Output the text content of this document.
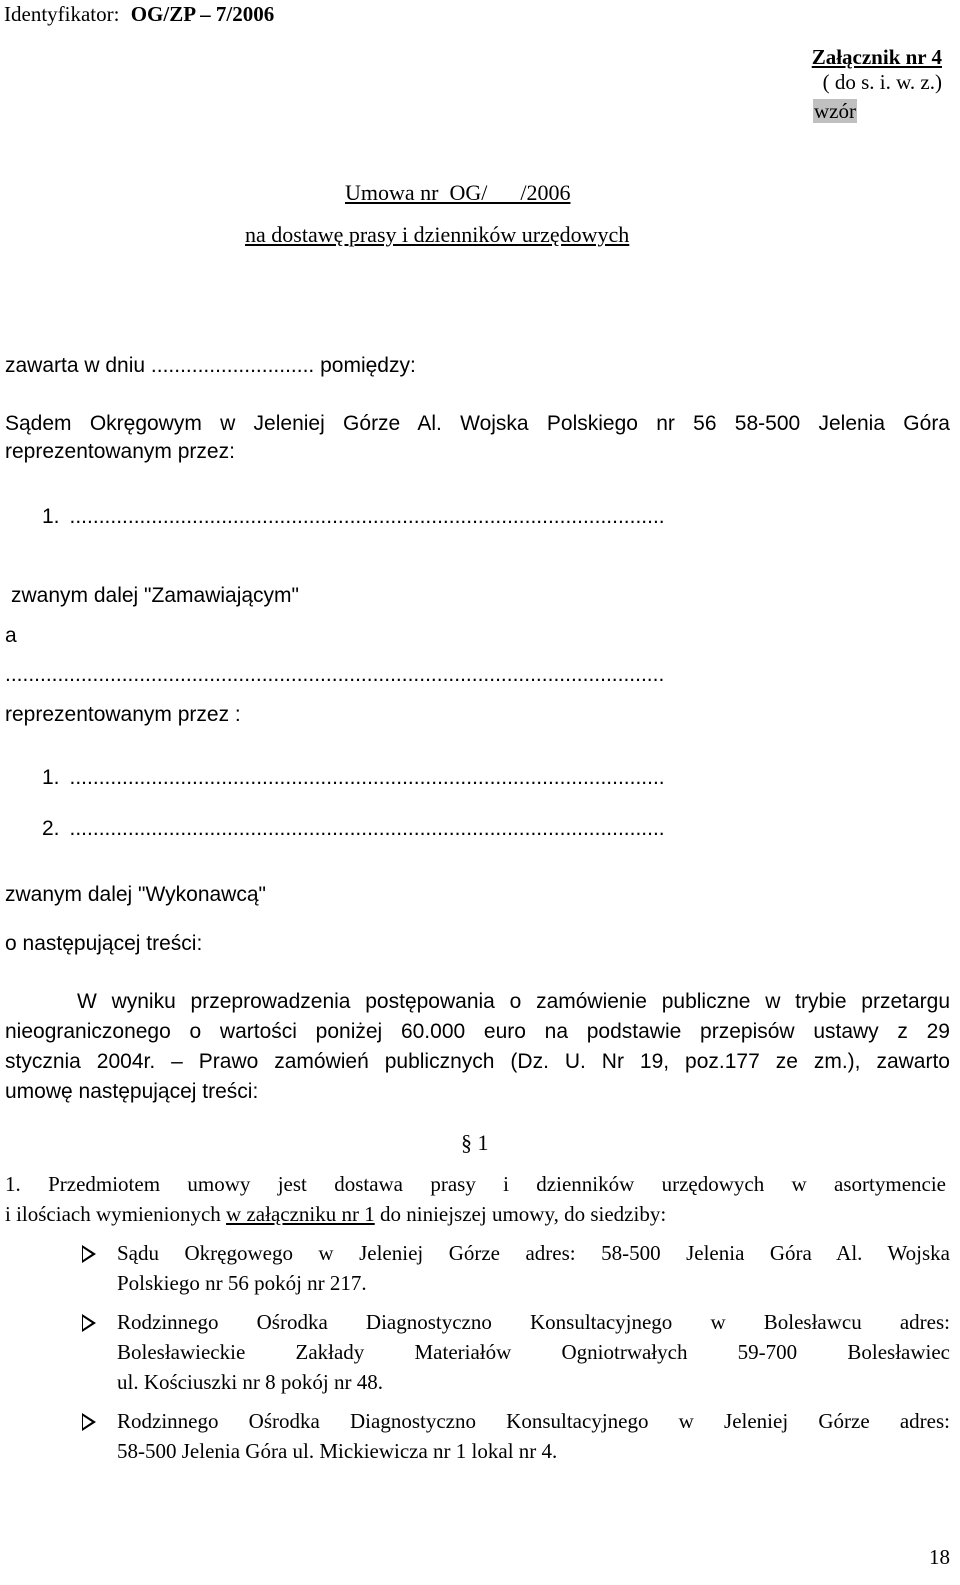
Identyfikator: OG/ZP – 7/2006
Załącznik nr 4
( do s. i. w. z.)
wzór
Umowa nr  OG/      /2006
na dostawę prasy i dzienników urzędowych
zawarta w dniu ............................ pomiędzy:
Sądem Okręgowym w Jeleniej Górze Al. Wojska Polskiego nr 56 58-500 Jelenia Góra
reprezentowanym przez:
1. ......................................................................................................
zwanym dalej "Zamawiającym"
a
.................................................................................................................
reprezentowanym przez :
1. ......................................................................................................
2. ......................................................................................................
zwanym dalej "Wykonawcą"
o następującej treści:
W wyniku przeprowadzenia postępowania o zamówienie publiczne w trybie przetargu
nieograniczonego o wartości poniżej 60.000 euro na podstawie przepisów ustawy z 29
stycznia 2004r. – Prawo zamówień publicznych (Dz. U. Nr 19, poz.177 ze zm.), zawarto
umowę następującej treści:
§ 1
1. Przedmiotem umowy jest dostawa prasy i dzienników urzędowych w asortymencie
i ilościach wymienionych w załączniku nr 1 do niniejszej umowy, do siedziby:
Sądu Okręgowego w Jeleniej Górze adres: 58-500 Jelenia Góra Al. Wojska
Polskiego nr 56 pokój nr 217.
Rodzinnego Ośrodka Diagnostyczno Konsultacyjnego w Bolesławcu adres:
Bolesławieckie Zakłady Materiałów Ogniotrwałych 59-700 Bolesławiec
ul. Kościuszki nr 8 pokój nr 48.
Rodzinnego Ośrodka Diagnostyczno Konsultacyjnego w Jeleniej Górze adres:
58-500 Jelenia Góra ul. Mickiewicza nr 1 lokal nr 4.
18
